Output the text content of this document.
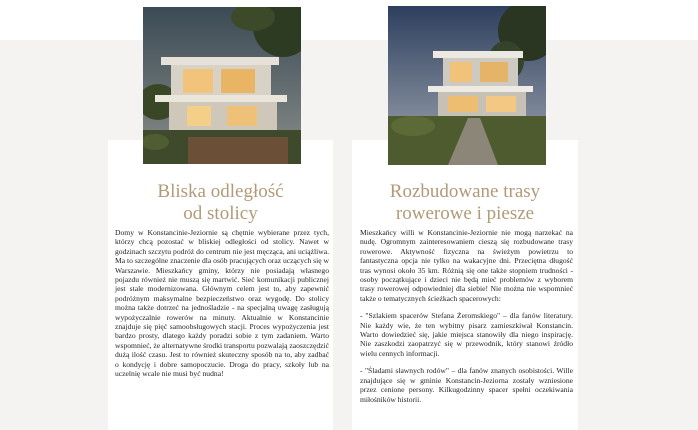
Bliska odległość
od stolicy
Rozbudowane trasy
rowerowe i piesze

Domy w Konstancinie-Jeziornie są chętnie wybierane przez tych, którzy chcą pozostać w bliskiej odległości od stolicy. Nawet w godzinach szczytu podróż do centrum nie jest męcząca, ani uciążliwa. Ma to szczególne znaczenie dla osób pracujących oraz uczących się w Warszawie. Mieszkańcy gminy, którzy nie posiadają własnego pojazdu również nie muszą się martwić. Sieć komunikacji publicznej jest stale modernizowana. Głównym celem jest to, aby zapewnić podróżnym maksymalne bezpieczeństwo oraz wygodę. Do stolicy można także dotrzeć na jednośladzie - na specjalną uwagę zasługują wypożyczalnie rowerów na minuty. Aktualnie w Konstancinie znajduje się pięć samoobsługowych stacji. Proces wypożyczenia jest bardzo prosty, dlatego każdy poradzi sobie z tym zadaniem. Warto wspomnieć, że alternatywne środki transportu pozwalają zaoszczędzić dużą ilość czasu. Jest to również skuteczny sposób na to, aby zadbać o kondycję i dobre samopoczucie. Droga do pracy, szkoły lub na uczelnię wcale nie musi być nudna!

Mieszkańcy willi w Konstancinie-Jeziornie nie mogą narzekać na nudę. Ogromnym zainteresowaniem cieszą się rozbudowane trasy rowerowe. Aktywność fizyczna na świeżym powietrzu to fantastyczna opcja nie tylko na wakacyjne dni. Przeciętna długość tras wynosi około 35 km. Różnią się one także stopniem trudności - osoby początkujące i dzieci nie będą mieć problemów z wyborem trasy rowerowej odpowiedniej dla siebie! Nie można nie wspomnieć także o tematycznych ścieżkach spacerowych:

- "Szlakiem spacerów Stefana Żeromskiego" – dla fanów literatury. Nie każdy wie, że ten wybitny pisarz zamieszkiwał Konstancin. Warto dowiedzieć się, jakie miejsca stanowiły dla niego inspirację. Nie zaszkodzi zaopatrzyć się w przewodnik, który stanowi źródło wielu cennych informacji.

- "Śladami sławnych rodów" – dla fanów znanych osobistości. Wille znajdujące się w gminie Konstancin-Jeziorna zostały wzniesione przez cenione persony. Kilkugodzinny spacer spełni oczekiwania miłośników historii.
